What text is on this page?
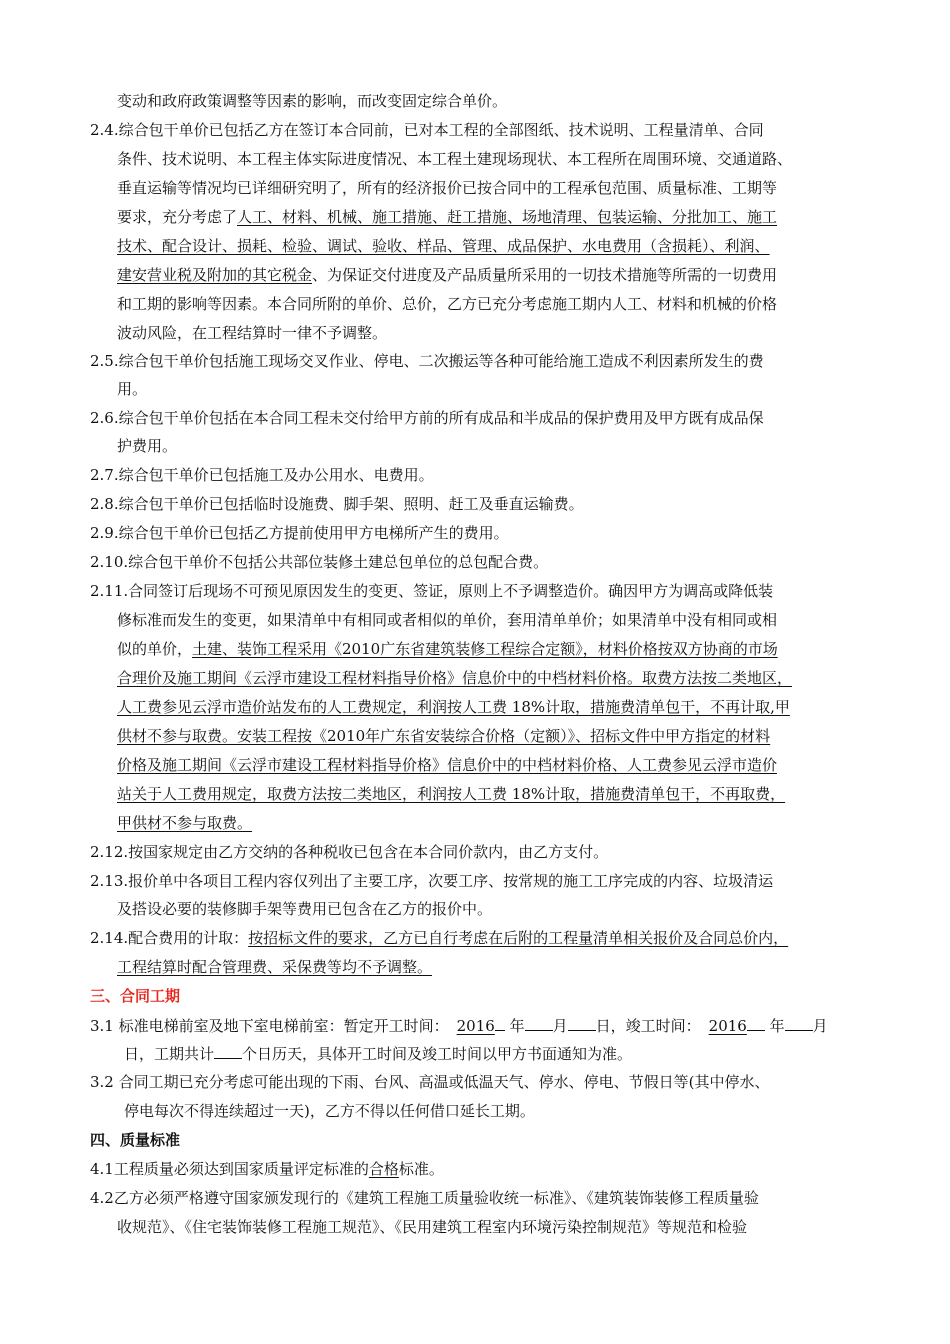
变动和政府政策调整等因素的影响，而改变固定综合单价。
2.4.综合包干单价已包括乙方在签订本合同前，已对本工程的全部图纸、技术说明、工程量清单、合同
条件、技术说明、本工程主体实际进度情况、本工程土建现场现状、本工程所在周围环境、交通道路、
垂直运输等情况均已详细研究明了，所有的经济报价已按合同中的工程承包范围、质量标准、工期等
要求，充分考虑了人工、材料、机械、施工措施、赶工措施、场地清理、包装运输、分批加工、施工
技术、配合设计、损耗、检验、调试、验收、样品、管理、成品保护、水电费用（含损耗）、利润、
建安营业税及附加的其它税金、为保证交付进度及产品质量所采用的一切技术措施等所需的一切费用
和工期的影响等因素。本合同所附的单价、总价，乙方已充分考虑施工期内人工、材料和机械的价格
波动风险，在工程结算时一律不予调整。
2.5.综合包干单价包括施工现场交叉作业、停电、二次搬运等各种可能给施工造成不利因素所发生的费
用。
2.6.综合包干单价包括在本合同工程未交付给甲方前的所有成品和半成品的保护费用及甲方既有成品保
护费用。
2.7.综合包干单价已包括施工及办公用水、电费用。
2.8.综合包干单价已包括临时设施费、脚手架、照明、赶工及垂直运输费。
2.9.综合包干单价已包括乙方提前使用甲方电梯所产生的费用。
2.10.综合包干单价不包括公共部位装修土建总包单位的总包配合费。
2.11.合同签订后现场不可预见原因发生的变更、签证，原则上不予调整造价。确因甲方为调高或降低装
修标准而发生的变更，如果清单中有相同或者相似的单价，套用清单单价；如果清单中没有相同或相
似的单价，土建、装饰工程采用《2010广东省建筑装修工程综合定额》，材料价格按双方协商的市场
合理价及施工期间《云浮市建设工程材料指导价格》信息价中的中档材料价格。取费方法按二类地区，
人工费参见云浮市造价站发布的人工费规定，利润按人工费 18%计取，措施费清单包干，不再计取,甲
供材不参与取费。安装工程按《2010年广东省安装综合价格（定额）》、招标文件中甲方指定的材料
价格及施工期间《云浮市建设工程材料指导价格》信息价中的中档材料价格、人工费参见云浮市造价
站关于人工费用规定，取费方法按二类地区，利润按人工费 18%计取，措施费清单包干，不再取费，
甲供材不参与取费。
2.12.按国家规定由乙方交纳的各种税收已包含在本合同价款内，由乙方支付。
2.13.报价单中各项目工程内容仅列出了主要工序，次要工序、按常规的施工工序完成的内容、垃圾清运
及搭设必要的装修脚手架等费用已包含在乙方的报价中。
2.14.配合费用的计取：按招标文件的要求，乙方已自行考虑在后附的工程量清单相关报价及合同总价内，
工程结算时配合管理费、采保费等均不予调整。
三、合同工期
3.1 标准电梯前室及地下室电梯前室：暂定开工时间： 2016 年 月 日，竣工时间： 2016 年 月
日，工期共计 个日历天，具体开工时间及竣工时间以甲方书面通知为准。
3.2 合同工期已充分考虑可能出现的下雨、台风、高温或低温天气、停水、停电、节假日等(其中停水、
停电每次不得连续超过一天)，乙方不得以任何借口延长工期。
四、质量标准
4.1工程质量必须达到国家质量评定标准的合格标准。
4.2乙方必须严格遵守国家颁发现行的《建筑工程施工质量验收统一标准》、《建筑装饰装修工程质量验
收规范》、《住宅装饰装修工程施工规范》、《民用建筑工程室内环境污染控制规范》等规范和检验
